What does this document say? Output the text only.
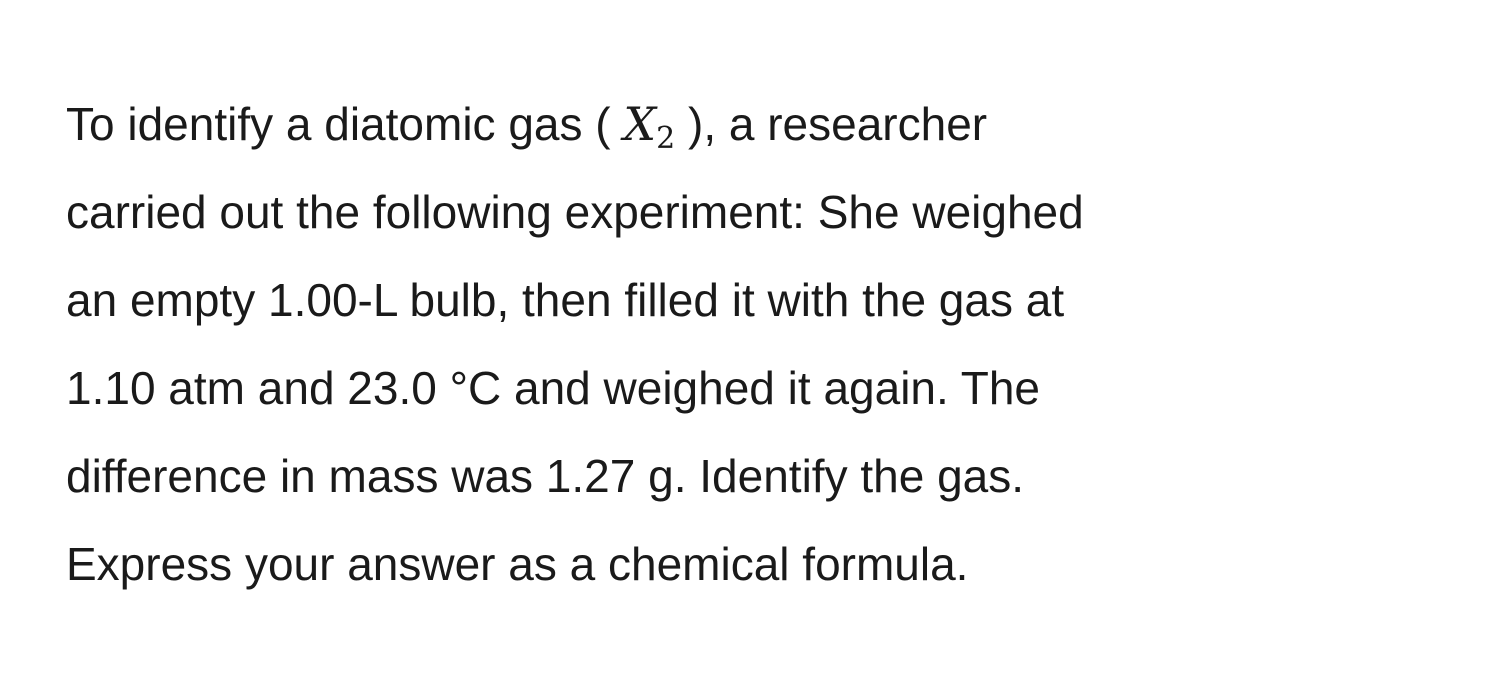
To identify a diatomic gas ( $X_2$ ), a researcher
carried out the following experiment: She weighed
an empty 1.00-L bulb, then filled it with the gas at
1.10 atm and 23.0 °C and weighed it again. The
difference in mass was 1.27 g. Identify the gas.
Express your answer as a chemical formula.
